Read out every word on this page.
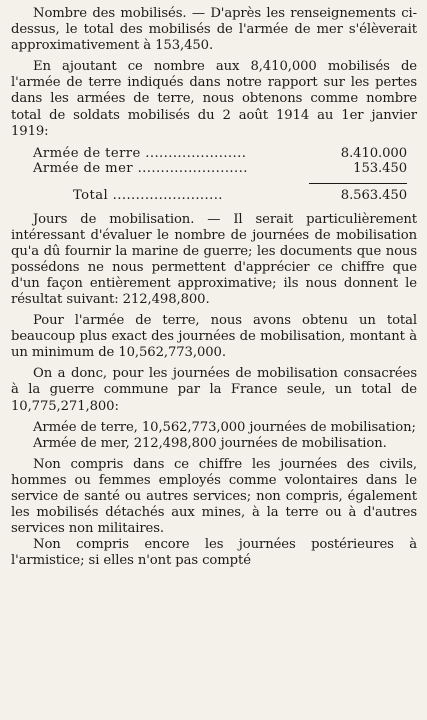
Nombre des mobilisés. — D'après les renseignements ci-dessus, le total des mobilisés de l'armée de mer s'élèverait approximativement à 153,450.

En ajoutant ce nombre aux 8,410,000 mobilisés de l'armée de terre indiqués dans notre rapport sur les pertes dans les armées de terre, nous obtenons comme nombre total de soldats mobilisés du 2 août 1914 au 1er janvier 1919:

Armée de terre ......................	8.410.000
Armée de mer ........................	153.450
Total ........................	8.563.450

Jours de mobilisation. — Il serait particulièrement intéressant d'évaluer le nombre de journées de mobilisation qu'a dû fournir la marine de guerre; les documents que nous possédons ne nous permettent d'apprécier ce chiffre que d'un façon entièrement approximative; ils nous donnent le résultat suivant: 212,498,800.

Pour l'armée de terre, nous avons obtenu un total beaucoup plus exact des journées de mobilisation, montant à un minimum de 10,562,773,000.

On a donc, pour les journées de mobilisation consacrées à la guerre commune par la France seule, un total de 10,775,271,800:

Armée de terre, 10,562,773,000 journées de mobilisation;

Armée de mer, 212,498,800 journées de mobilisation.

Non compris dans ce chiffre les journées des civils, hommes ou femmes employés comme volontaires dans le service de santé ou autres services; non compris, également les mobilisés détachés aux mines, à la terre ou à d'autres services non militaires.

Non compris encore les journées postérieures à l'armistice; si elles n'ont pas compté
